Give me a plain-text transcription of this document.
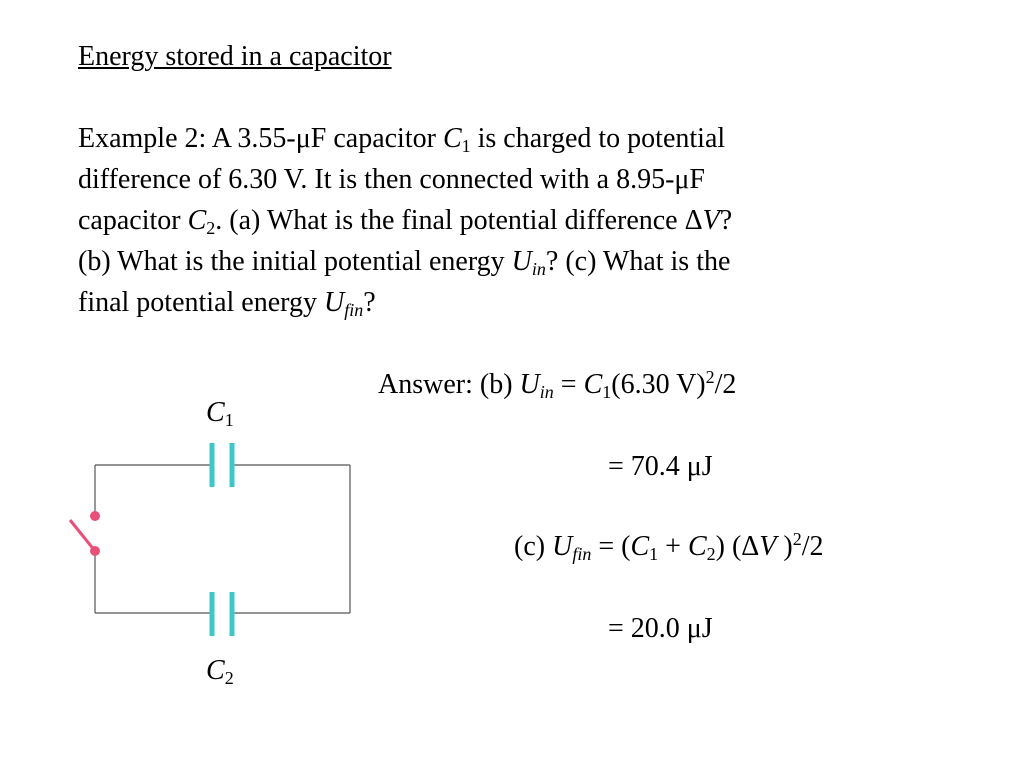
Energy stored in a capacitor
Example 2: A 3.55-μF capacitor $C_1$ is charged to potential
difference of 6.30 V. It is then connected with a 8.95-μF
capacitor $C_2$. (a) What is the final potential difference ΔV?
(b) What is the initial potential energy $U_{in}$? (c) What is the
final potential energy $U_{fin}$?
Answer: (b) $U_{in} = C_1(6.30$ V)$^2$/2
= 70.4 μJ
(c) $U_{fin} = (C_1 + C_2)$ (ΔV )$^2$/2
= 20.0 μJ
$C_1$
$C_2$
